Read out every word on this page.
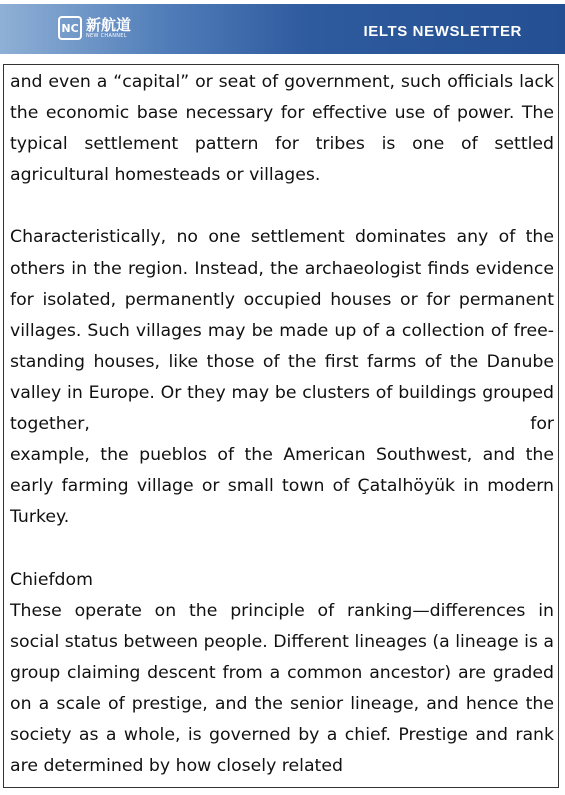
NC 新航道
NEW CHANNEL	IELTS NEWSLETTER

and even a “capital” or seat of government, such officials lack the economic base necessary for effective use of power. The typical settlement pattern for tribes is one of settled agricultural homesteads or villages.

Characteristically, no one settlement dominates any of the others in the region. Instead, the archaeologist finds evidence for isolated, permanently occupied houses or for permanent villages. Such villages may be made up of a collection of free-standing houses, like those of the first farms of the Danube valley in Europe. Or they may be clusters of buildings grouped together, for

example, the pueblos of the American Southwest, and the early farming village or small town of Çatalhöyük in modern Turkey.

Chiefdom

These operate on the principle of ranking—differences in social status between people. Different lineages (a lineage is a group claiming descent from a common ancestor) are graded on a scale of prestige, and the senior lineage, and hence the society as a whole, is governed by a chief. Prestige and rank are determined by how closely related
